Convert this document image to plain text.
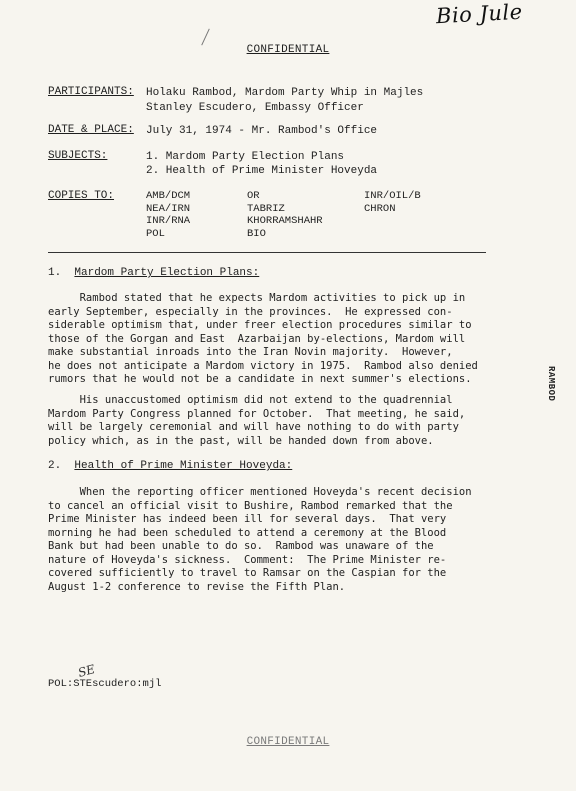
Bio Jule
CONFIDENTIAL
PARTICIPANTS: Holaku Rambod, Mardom Party Whip in Majles
Stanley Escudero, Embassy Officer
DATE & PLACE: July 31, 1974 - Mr. Rambod's Office
SUBJECTS:	1. Mardom Party Election Plans
2. Health of Prime Minister Hoveyda
COPIES TO:	AMB/DCM
NEA/IRN
INR/RNA
POL
OR
TABRIZ
KHORRAMSHAHR
BIO
INR/OIL/B
CHRON
1. Mardom Party Election Plans:
Rambod stated that he expects Mardom activities to pick up in
early September, especially in the provinces.  He expressed con-
siderable optimism that, under freer election procedures similar to
those of the Gorgan and East  Azarbaijan by-elections, Mardom will
make substantial inroads into the Iran Novin majority.  However,
he does not anticipate a Mardom victory in 1975.  Rambod also denied
rumors that he would not be a candidate in next summer's elections.
His unaccustomed optimism did not extend to the quadrennial
Mardom Party Congress planned for October.  That meeting, he said,
will be largely ceremonial and will have nothing to do with party
policy which, as in the past, will be handed down from above.
2. Health of Prime Minister Hoveyda:
When the reporting officer mentioned Hoveyda's recent decision
to cancel an official visit to Bushire, Rambod remarked that the
Prime Minister has indeed been ill for several days.  That very
morning he had been scheduled to attend a ceremony at the Blood
Bank but had been unable to do so.  Rambod was unaware of the
nature of Hoveyda's sickness.  Comment:  The Prime Minister re-
covered sufficiently to travel to Ramsar on the Caspian for the
August 1-2 conference to revise the Fifth Plan.
RAMBOD
SE
POL:STEscudero:mjl
CONFIDENTIAL
